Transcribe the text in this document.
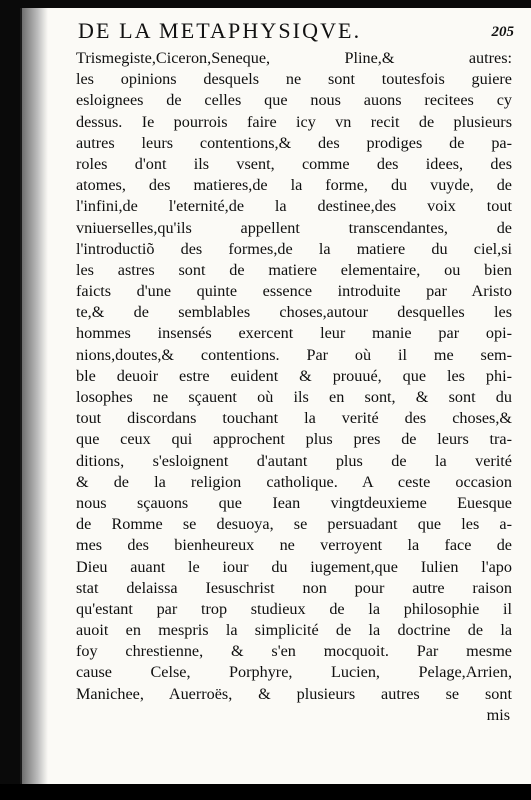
DE LA METAPHYSIQVE.	205
Trismegiste,Ciceron,Seneque, Pline,& autres:
les opinions desquels ne sont toutesfois guiere
esloignees de celles que nous auons recitees cy
dessus. Ie pourrois faire icy vn recit de plusieurs
autres leurs contentions,& des prodiges de pa-
roles d'ont ils vsent, comme des idees, des
atomes, des matieres,de la forme, du vuyde, de
l'infini,de l'eternité,de la destinee,des voix tout
vniuerselles,qu'ils appellent transcendantes, de
l'introductiõ des formes,de la matiere du ciel,si
les astres sont de matiere elementaire, ou bien
faicts d'une quinte essence introduite par Aristo
te,& de semblables choses,autour desquelles les
hommes insensés exercent leur manie par opi-
nions,doutes,& contentions. Par où il me sem-
ble deuoir estre euident & prouué, que les phi-
losophes ne sçauent où ils en sont, & sont du
tout discordans touchant la verité des choses,&
que ceux qui approchent plus pres de leurs tra-
ditions, s'esloignent d'autant plus de la verité
& de la religion catholique. A ceste occasion
nous sçauons que Iean vingtdeuxieme Euesque
de Romme se desuoya, se persuadant que les a-
mes des bienheureux ne verroyent la face de
Dieu auant le iour du iugement,que Iulien l'apo
stat delaissa Iesuschrist non pour autre raison
qu'estant par trop studieux de la philosophie il
auoit en mespris la simplicité de la doctrine de la
foy chrestienne, & s'en mocquoit. Par mesme
cause Celse, Porphyre, Lucien, Pelage,Arrien,
Manichee, Auerroës, & plusieurs autres se sont
mis
